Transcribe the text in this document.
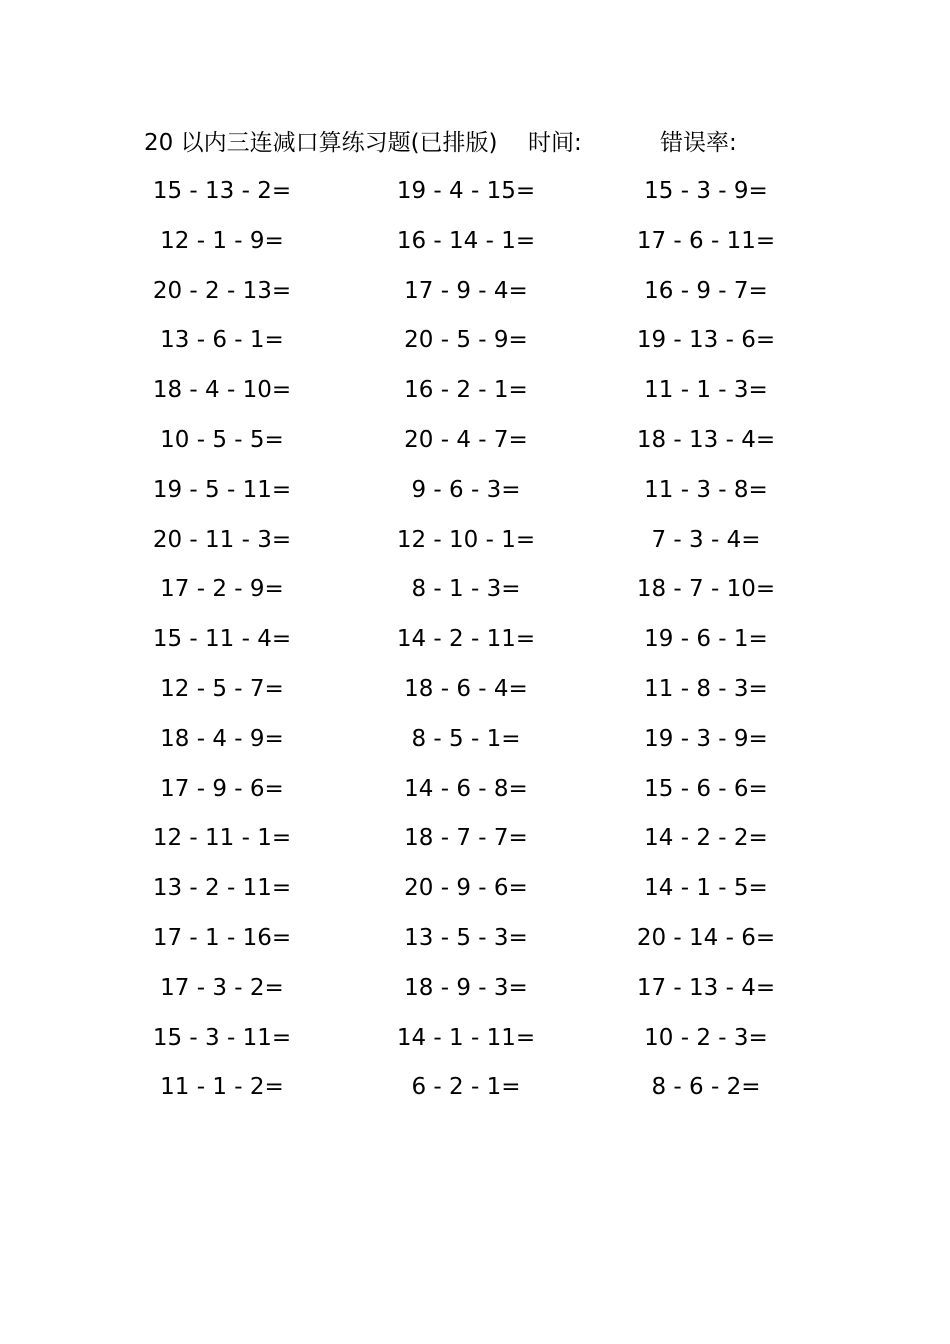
20 以内三连减口算练习题(已排版) 时间:	错误率:
15 - 13 - 2=	19 - 4 - 15=	15 - 3 - 9=
12 - 1 - 9=	16 - 14 - 1=	17 - 6 - 11=
20 - 2 - 13=	17 - 9 - 4=	16 - 9 - 7=
13 - 6 - 1=	20 - 5 - 9=	19 - 13 - 6=
18 - 4 - 10=	16 - 2 - 1=	11 - 1 - 3=
10 - 5 - 5=	20 - 4 - 7=	18 - 13 - 4=
19 - 5 - 11=	9 - 6 - 3=	11 - 3 - 8=
20 - 11 - 3=	12 - 10 - 1=	7 - 3 - 4=
17 - 2 - 9=	8 - 1 - 3=	18 - 7 - 10=
15 - 11 - 4=	14 - 2 - 11=	19 - 6 - 1=
12 - 5 - 7=	18 - 6 - 4=	11 - 8 - 3=
18 - 4 - 9=	8 - 5 - 1=	19 - 3 - 9=
17 - 9 - 6=	14 - 6 - 8=	15 - 6 - 6=
12 - 11 - 1=	18 - 7 - 7=	14 - 2 - 2=
13 - 2 - 11=	20 - 9 - 6=	14 - 1 - 5=
17 - 1 - 16=	13 - 5 - 3=	20 - 14 - 6=
17 - 3 - 2=	18 - 9 - 3=	17 - 13 - 4=
15 - 3 - 11=	14 - 1 - 11=	10 - 2 - 3=
11 - 1 - 2=	6 - 2 - 1=	8 - 6 - 2=
